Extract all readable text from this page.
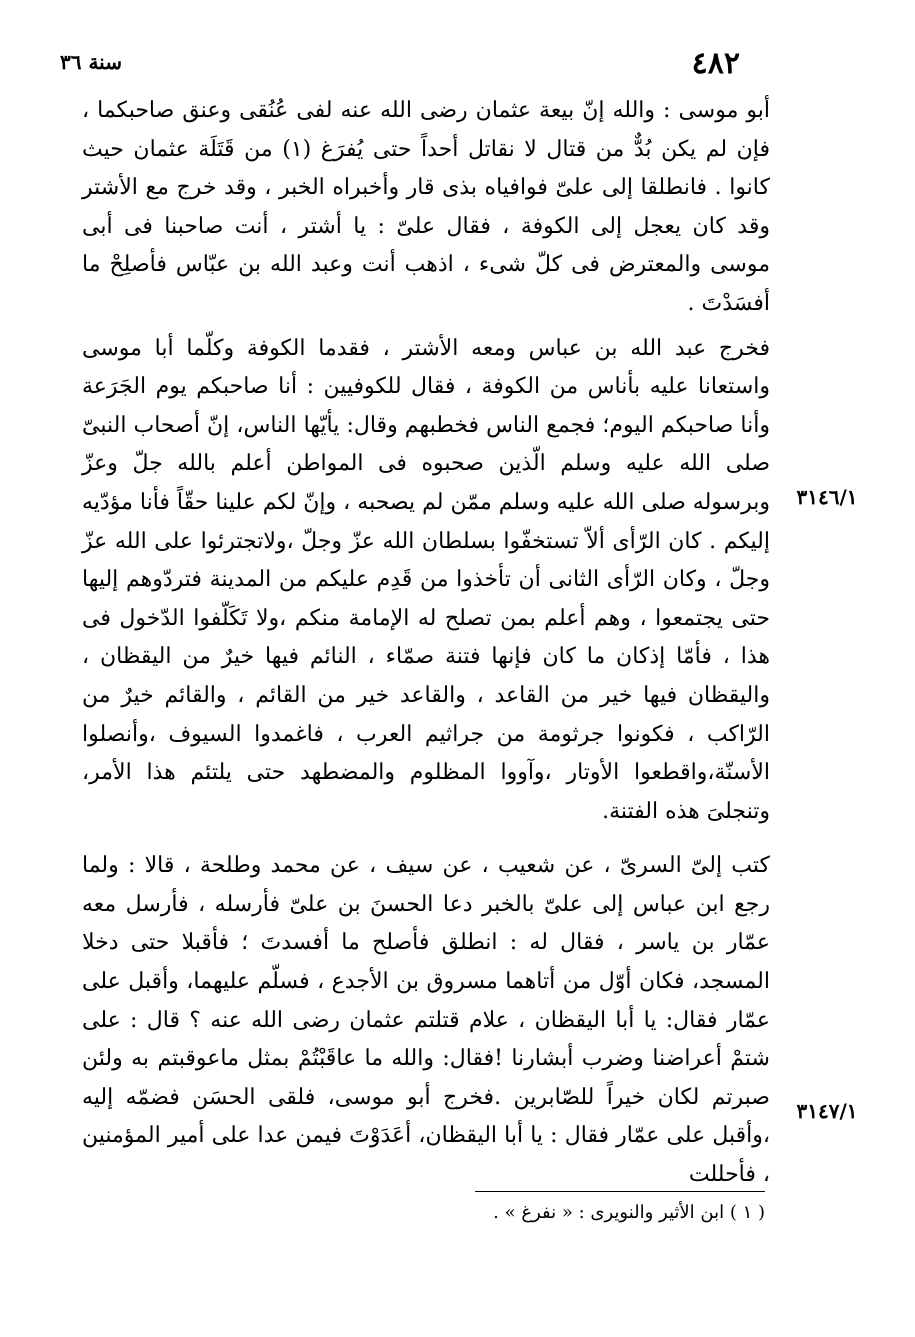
٤٨٢
سنة ٣٦

أبو موسى : والله إنّ بيعة عثمان رضى الله عنه لفى عُنُقى وعنق صاحبكما ، فإن لم يكن بُدٌّ من قتال لا نقاتل أحداً حتى يُفرَغ (١) من قَتَلَة عثمان حيث كانوا . فانطلقا إلى علىّ فوافياه بذى قار وأخبراه الخبر ، وقد خرج مع الأشتر وقد كان يعجل إلى الكوفة ، فقال علىّ : يا أشتر ، أنت صاحبنا فى أبى موسى والمعترض فى كلّ شىء ، اذهب أنت وعبد الله بن عبّاس فأصلِحْ ما أفسَدْتَ .

فخرج عبد الله بن عباس ومعه الأشتر ، فقدما الكوفة وكلّما أبا موسى واستعانا عليه بأناس من الكوفة ، فقال للكوفيين : أنا صاحبكم يوم الجَرَعة وأنا صاحبكم اليوم؛ فجمع الناس فخطبهم وقال: يأيّها الناس، إنّ أصحاب النبىّ صلى الله عليه وسلم الّذين صحبوه فى المواطن أعلم بالله جلّ وعزّ وبرسوله صلى الله عليه وسلم ممّن لم يصحبه ، وإنّ لكم علينا حقّاً فأنا مؤدّيه إليكم . كان الرّأى ألاّ تستخفّوا بسلطان الله عزّ وجلّ ،ولاتجترئوا على الله عزّ وجلّ ، وكان الرّأى الثانى أن تأخذوا من قَدِم عليكم من المدينة فتردّوهم إليها حتى يجتمعوا ، وهم أعلم بمن تصلح له الإمامة منكم ،ولا تَكَلّفوا الدّخول فى هذا ، فأمّا إذكان ما كان فإنها فتنة صمّاء ، النائم فيها خيرٌ من اليقظان ، واليقظان فيها خير من القاعد ، والقاعد خير من القائم ، والقائم خيرٌ من الرّاكب ، فكونوا جرثومة من جراثيم العرب ، فاغمدوا السيوف ،وأنصلوا الأسنّة،واقطعوا الأوتار ،وآووا المظلوم والمضطهد حتى يلتئم هذا الأمر، وتنجلىَ هذه الفتنة.

كتب إلىّ السرىّ ، عن شعيب ، عن سيف ، عن محمد وطلحة ، قالا : ولما رجع ابن عباس إلى علىّ بالخبر دعا الحسنَ بن علىّ فأرسله ، فأرسل معه عمّار بن ياسر ، فقال له : انطلق فأصلح ما أفسدتَ ؛ فأقبلا حتى دخلا المسجد، فكان أوّل من أتاهما مسروق بن الأجدع ، فسلّم عليهما، وأقبل على عمّار فقال: يا أبا اليقظان ، علام قتلتم عثمان رضى الله عنه ؟ قال : على شتمْ أعراضنا وضرب أبشارنا !فقال: والله ما عاقَبْتُمْ بمثل ماعوقبتم به ولئن صبرتم لكان خيراً للصّابرين .فخرج أبو موسى، فلقى الحسَن فضمّه إليه ،وأقبل على عمّار فقال : يا أبا اليقظان، أعَدَوْتَ فيمن عدا على أمير المؤمنين ، فأحللت

٣١٤٦/١
٣١٤٧/١
( ١ ) ابن الأثير والنويرى : « نفرغ » .
